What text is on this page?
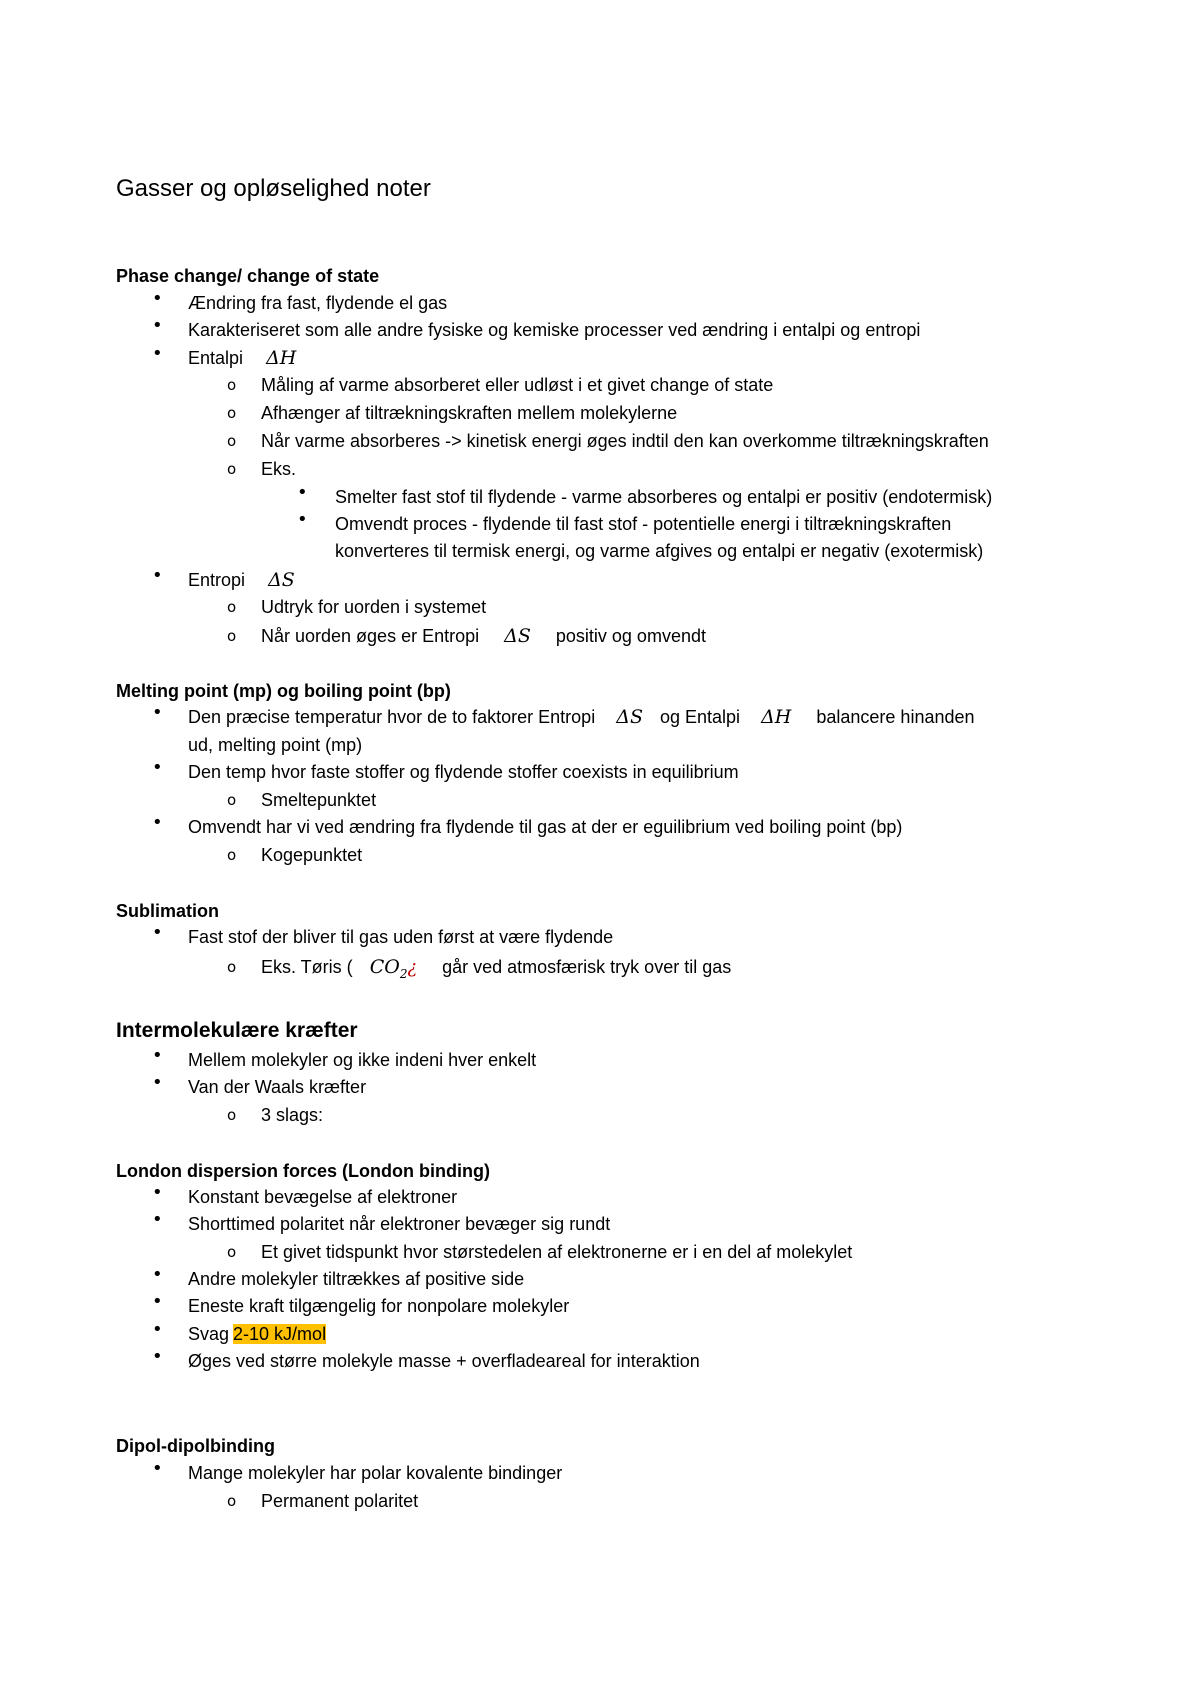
Gasser og opløselighed noter
Phase change/ change of state
• Ændring fra fast, flydende el gas
• Karakteriseret som alle andre fysiske og kemiske processer ved ændring i entalpi og entropi
• Entalpi ΔH
o Måling af varme absorberet eller udløst i et givet change of state
o Afhænger af tiltrækningskraften mellem molekylerne
o Når varme absorberes -> kinetisk energi øges indtil den kan overkomme tiltrækningskraften
o Eks.
• Smelter fast stof til flydende - varme absorberes og entalpi er positiv (endotermisk)
• Omvendt proces - flydende til fast stof - potentielle energi i tiltrækningskraften
konverteres til termisk energi, og varme afgives og entalpi er negativ (exotermisk)
• Entropi ΔS
o Udtryk for uorden i systemet
o Når uorden øges er Entropi ΔS positiv og omvendt
Melting point (mp) og boiling point (bp)
• Den præcise temperatur hvor de to faktorer Entropi ΔS og Entalpi ΔH balancere hinanden
ud, melting point (mp)
• Den temp hvor faste stoffer og flydende stoffer coexists in equilibrium
o Smeltepunktet
• Omvendt har vi ved ændring fra flydende til gas at der er eguilibrium ved boiling point (bp)
o Kogepunktet
Sublimation
• Fast stof der bliver til gas uden først at være flydende
o Eks. Tøris ( $CO_2¿$ går ved atmosfærisk tryk over til gas
Intermolekulære kræfter
• Mellem molekyler og ikke indeni hver enkelt
• Van der Waals kræfter
o 3 slags:
London dispersion forces (London binding)
• Konstant bevægelse af elektroner
• Shorttimed polaritet når elektroner bevæger sig rundt
o Et givet tidspunkt hvor størstedelen af elektronerne er i en del af molekylet
• Andre molekyler tiltrækkes af positive side
• Eneste kraft tilgængelig for nonpolare molekyler
• Svag 2-10 kJ/mol
• Øges ved større molekyle masse + overfladeareal for interaktion
Dipol-dipolbinding
• Mange molekyler har polar kovalente bindinger
o Permanent polaritet
